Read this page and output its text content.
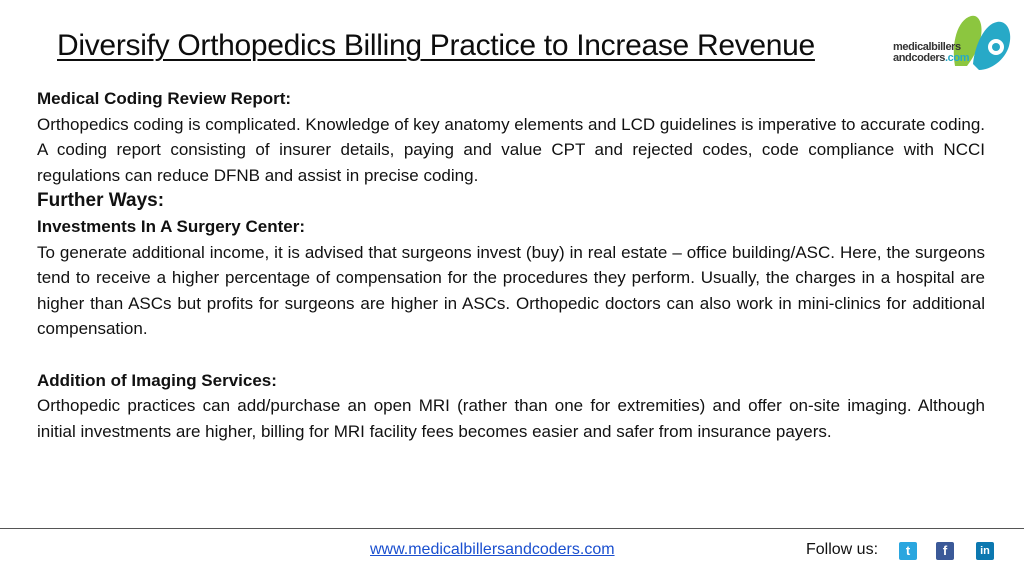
Diversify Orthopedics Billing Practice to Increase Revenue	medicalbillers
andcoders.com

Medical Coding Review Report:

Orthopedics coding is complicated. Knowledge of key anatomy elements and LCD guidelines is imperative to accurate coding. A coding report consisting of insurer details, paying and value CPT and rejected codes, code compliance with NCCI regulations can reduce DFNB and assist in precise coding.

Further Ways:

Investments In A Surgery Center:

To generate additional income, it is advised that surgeons invest (buy) in real estate – office building/ASC. Here, the surgeons tend to receive a higher percentage of compensation for the procedures they perform. Usually, the charges in a hospital are higher than ASCs but profits for surgeons are higher in ASCs. Orthopedic doctors can also work in mini-clinics for additional compensation.

Addition of Imaging Services:

Orthopedic practices can add/purchase an open MRI (rather than one for extremities) and offer on-site imaging. Although initial investments are higher, billing for MRI facility fees becomes easier and safer from insurance payers.

www.medicalbillersandcoders.com	Follow us:	t	f	in
